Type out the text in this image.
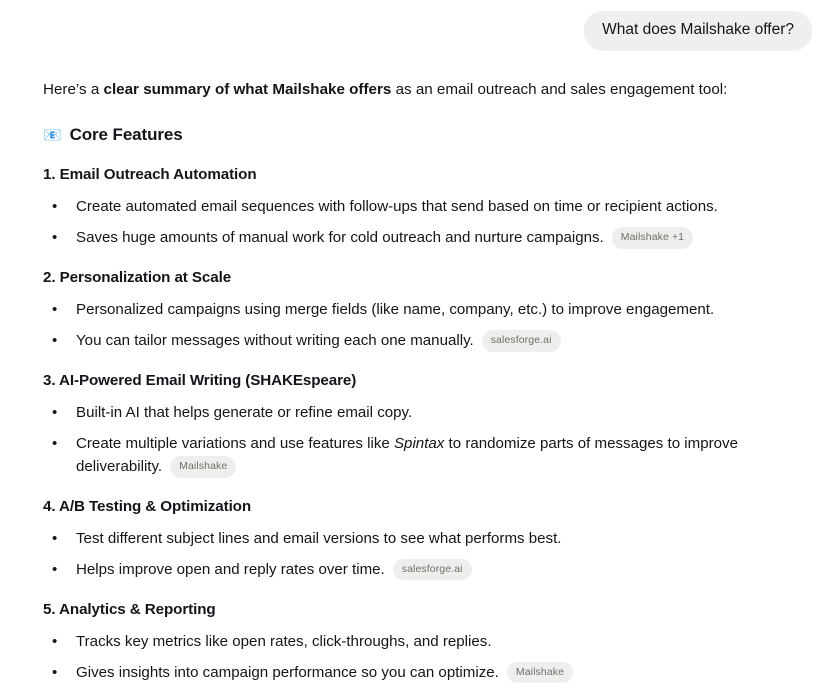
What does Mailshake offer?

Here’s a clear summary of what Mailshake offers as an email outreach and sales engagement tool:

📧 Core Features
1. Email Outreach Automation
• Create automated email sequences with follow-ups that send based on time or recipient actions.
• Saves huge amounts of manual work for cold outreach and nurture campaigns. Mailshake +1
2. Personalization at Scale
• Personalized campaigns using merge fields (like name, company, etc.) to improve engagement.
• You can tailor messages without writing each one manually. salesforge.ai
3. AI-Powered Email Writing (SHAKEspeare)
• Built-in AI that helps generate or refine email copy.
• Create multiple variations and use features like Spintax to randomize parts of messages to improve deliverability. Mailshake
4. A/B Testing & Optimization
• Test different subject lines and email versions to see what performs best.
• Helps improve open and reply rates over time. salesforge.ai
5. Analytics & Reporting
• Tracks key metrics like open rates, click-throughs, and replies.
• Gives insights into campaign performance so you can optimize. Mailshake
